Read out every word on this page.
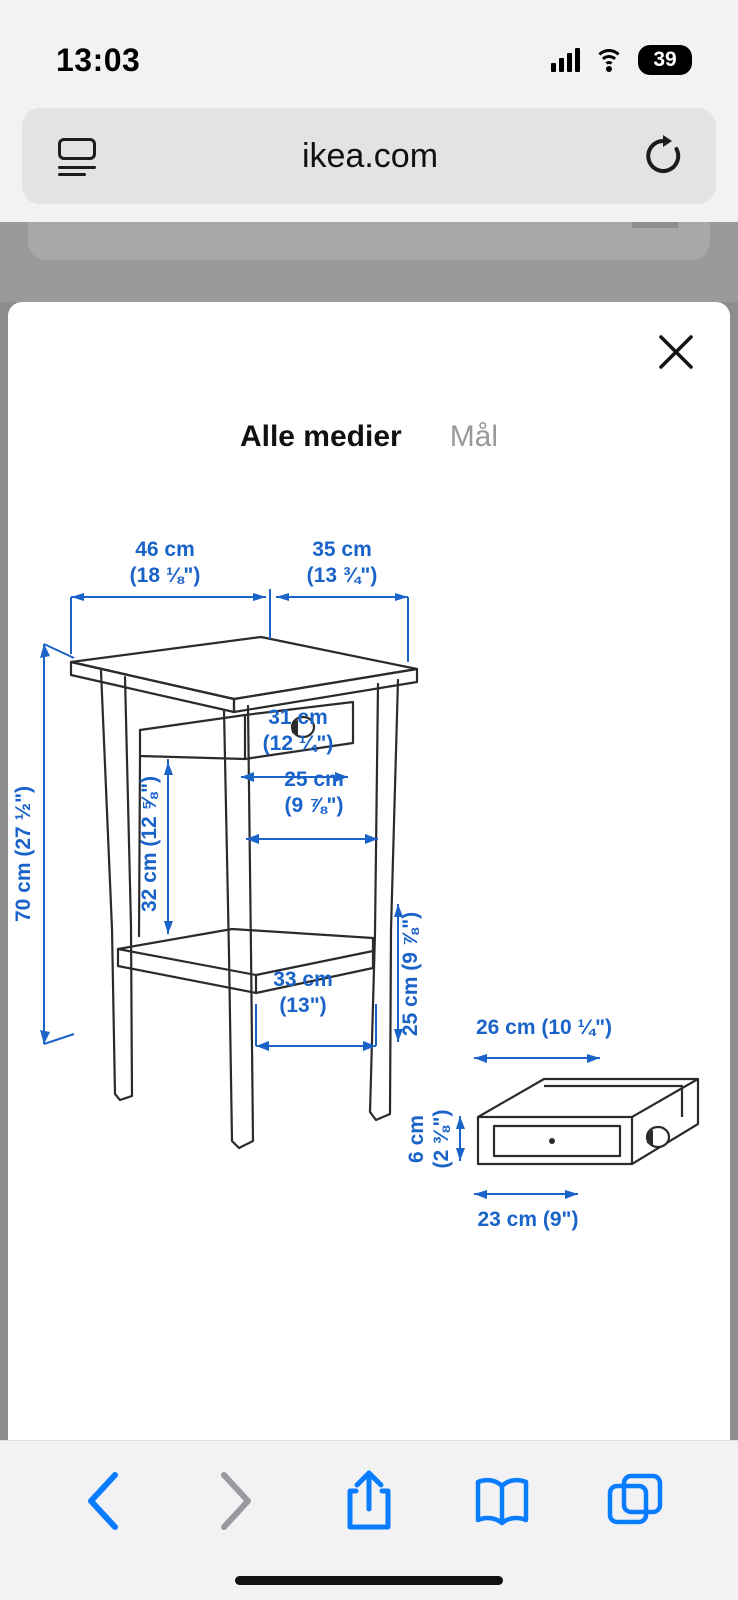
13:03	39
ikea.com
Alle medier Mål
46 cm
(18 ⅛")
35 cm
(13 ¾")
31 cm
(12 ¼")
25 cm
(9 ⅞")
33 cm
(13")
70 cm (27 ½")	32 cm (12 ⅝")
25 cm (9 ⅞")	26 cm (10 ¼")
6 cm (2 ⅜")
23 cm (9")
